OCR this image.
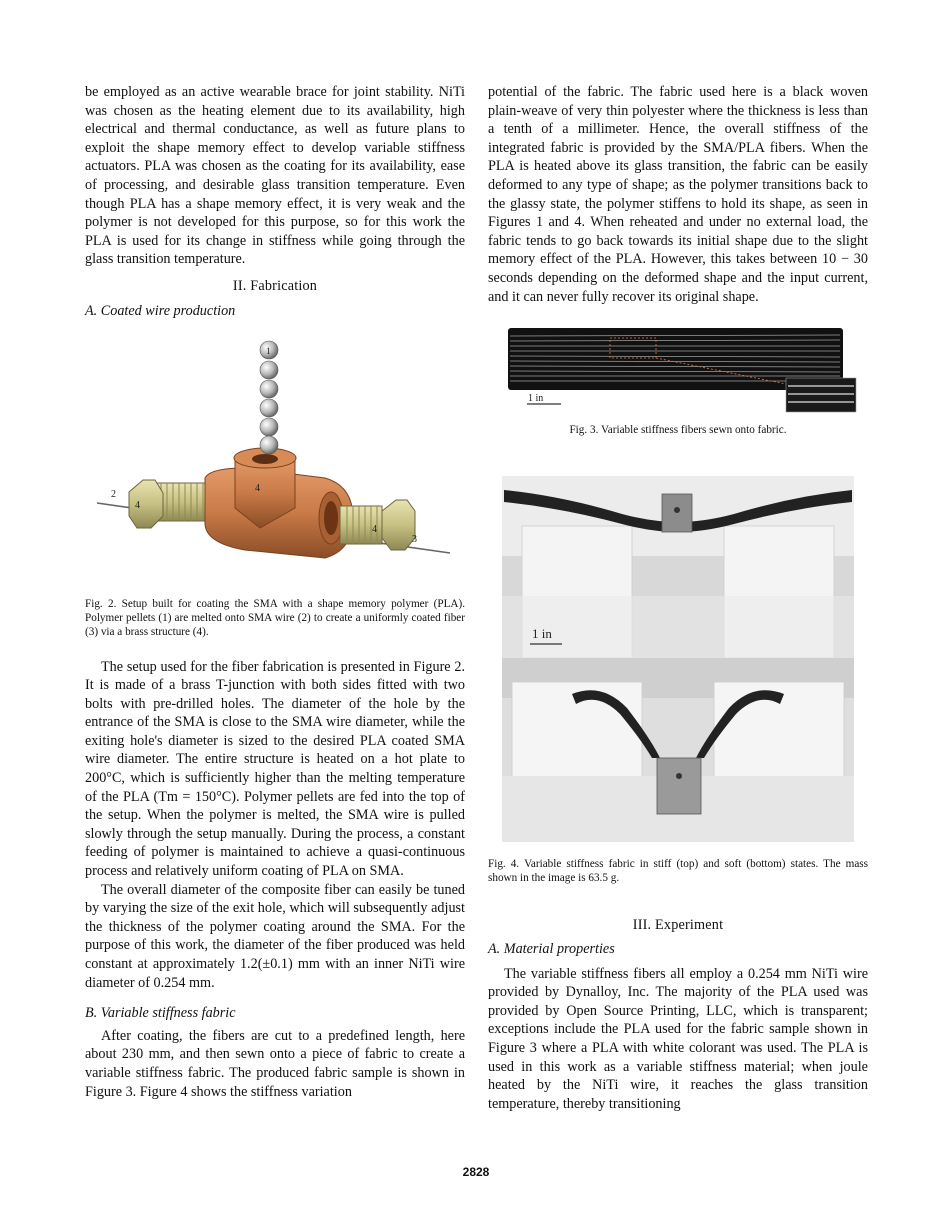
be employed as an active wearable brace for joint stability. NiTi was chosen as the heating element due to its availability, high electrical and thermal conductance, as well as future plans to exploit the shape memory effect to develop variable stiffness actuators. PLA was chosen as the coating for its availability, ease of processing, and desirable glass transition temperature. Even though PLA has a shape memory effect, it is very weak and the polymer is not developed for this purpose, so for this work the PLA is used for its change in stiffness while going through the glass transition temperature.

II. Fabrication
A. Coated wire production
1
2
3
4
4
4

Fig. 2. Setup built for coating the SMA with a shape memory polymer (PLA). Polymer pellets (1) are melted onto SMA wire (2) to create a uniformly coated fiber (3) via a brass structure (4).

The setup used for the fiber fabrication is presented in Figure 2. It is made of a brass T-junction with both sides fitted with two bolts with pre-drilled holes. The diameter of the hole by the entrance of the SMA is close to the SMA wire diameter, while the exiting hole's diameter is sized to the desired PLA coated SMA wire diameter. The entire structure is heated on a hot plate to 200°C, which is sufficiently higher than the melting temperature of the PLA (Tm = 150°C). Polymer pellets are fed into the top of the setup. When the polymer is melted, the SMA wire is pulled slowly through the setup manually. During the process, a constant feeding of polymer is maintained to achieve a quasi-continuous process and relatively uniform coating of PLA on SMA.

The overall diameter of the composite fiber can easily be tuned by varying the size of the exit hole, which will subsequently adjust the thickness of the polymer coating around the SMA. For the purpose of this work, the diameter of the fiber produced was held constant at approximately 1.2(±0.1) mm with an inner NiTi wire diameter of 0.254 mm.

B. Variable stiffness fabric

After coating, the fibers are cut to a predefined length, here about 230 mm, and then sewn onto a piece of fabric to create a variable stiffness fabric. The produced fabric sample is shown in Figure 3. Figure 4 shows the stiffness variation

potential of the fabric. The fabric used here is a black woven plain-weave of very thin polyester where the thickness is less than a tenth of a millimeter. Hence, the overall stiffness of the integrated fabric is provided by the SMA/PLA fibers. When the PLA is heated above its glass transition, the fabric can be easily deformed to any type of shape; as the polymer transitions back to the glassy state, the polymer stiffens to hold its shape, as seen in Figures 1 and 4. When reheated and under no external load, the fabric tends to go back towards its initial shape due to the slight memory effect of the PLA. However, this takes between 10 − 30 seconds depending on the deformed shape and the input current, and it can never fully recover its original shape.

1 in

Fig. 3. Variable stiffness fibers sewn onto fabric.

1 in

Fig. 4. Variable stiffness fabric in stiff (top) and soft (bottom) states. The mass shown in the image is 63.5 g.

III. Experiment
A. Material properties

The variable stiffness fibers all employ a 0.254 mm NiTi wire provided by Dynalloy, Inc. The majority of the PLA used was provided by Open Source Printing, LLC, which is transparent; exceptions include the PLA used for the fabric sample shown in Figure 3 where a PLA with white colorant was used. The PLA is used in this work as a variable stiffness material; when joule heated by the NiTi wire, it reaches the glass transition temperature, thereby transitioning

2828
